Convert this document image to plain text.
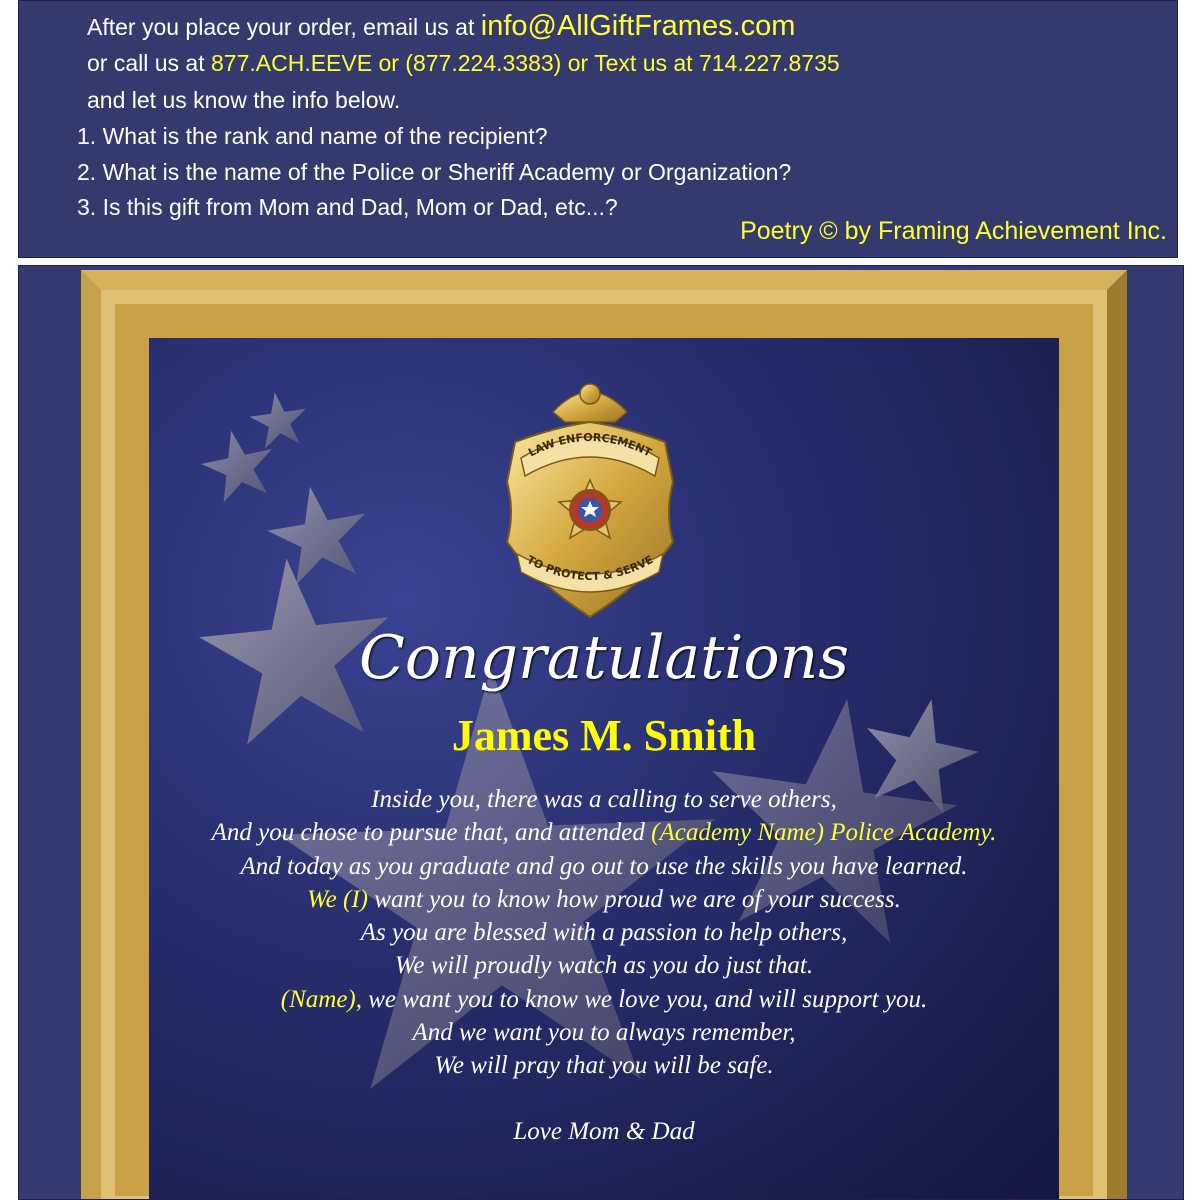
After you place your order, email us at info@AllGiftFrames.com
or call us at 877.ACH.EEVE or (877.224.3383) or Text us at 714.227.8735
and let us know the info below.
1. What is the rank and name of the recipient?
2. What is the name of the Police or Sheriff Academy or Organization?
3. Is this gift from Mom and Dad, Mom or Dad, etc...?
Poetry © by Framing Achievement Inc.
LAW ENFORCEMENT
TO PROTECT & SERVE
Congratulations
James M. Smith
Inside you, there was a calling to serve others,
And you chose to pursue that, and attended (Academy Name) Police Academy.
And today as you graduate and go out to use the skills you have learned.
We (I) want you to know how proud we are of your success.
As you are blessed with a passion to help others,
We will proudly watch as you do just that.
(Name), we want you to know we love you, and will support you.
And we want you to always remember,
We will pray that you will be safe.
Love Mom & Dad
